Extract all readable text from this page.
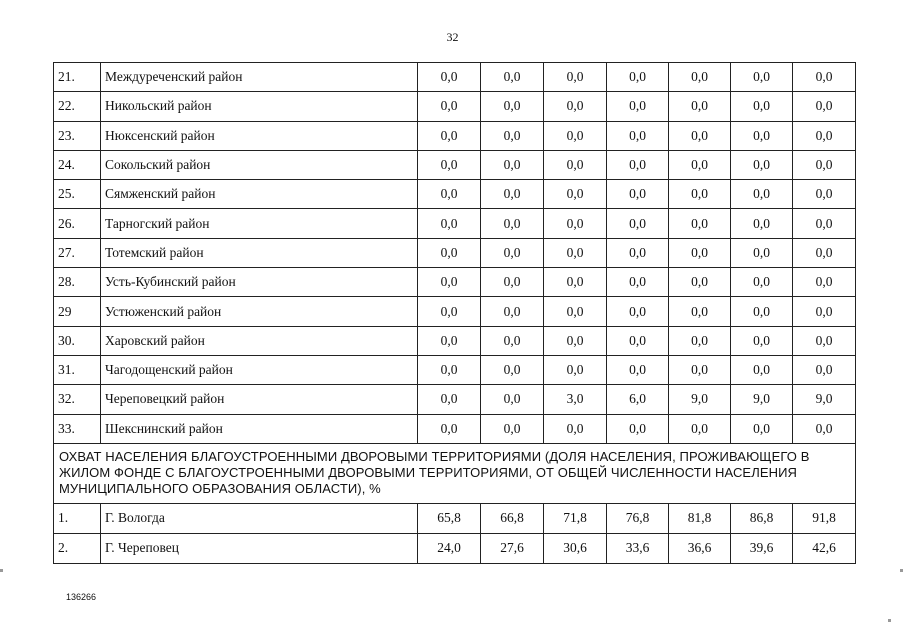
32
21.	Междуреченский район	0,0	0,0	0,0	0,0	0,0	0,0	0,0
22.	Никольский район	0,0	0,0	0,0	0,0	0,0	0,0	0,0
23.	Нюксенский район	0,0	0,0	0,0	0,0	0,0	0,0	0,0
24.	Сокольский район	0,0	0,0	0,0	0,0	0,0	0,0	0,0
25.	Сямженский район	0,0	0,0	0,0	0,0	0,0	0,0	0,0
26.	Тарногский район	0,0	0,0	0,0	0,0	0,0	0,0	0,0
27.	Тотемский район	0,0	0,0	0,0	0,0	0,0	0,0	0,0
28.	Усть-Кубинский район	0,0	0,0	0,0	0,0	0,0	0,0	0,0
29	Устюженский район	0,0	0,0	0,0	0,0	0,0	0,0	0,0
30.	Харовский район	0,0	0,0	0,0	0,0	0,0	0,0	0,0
31.	Чагодощенский район	0,0	0,0	0,0	0,0	0,0	0,0	0,0
32.	Череповецкий район	0,0	0,0	3,0	6,0	9,0	9,0	9,0
33.	Шекснинский район	0,0	0,0	0,0	0,0	0,0	0,0	0,0
ОХВАТ НАСЕЛЕНИЯ БЛАГОУСТРОЕННЫМИ ДВОРОВЫМИ ТЕРРИТОРИЯМИ (ДОЛЯ НАСЕЛЕНИЯ, ПРОЖИВАЮЩЕГО В ЖИЛОМ ФОНДЕ С БЛАГОУСТРОЕННЫМИ ДВОРОВЫМИ ТЕРРИТОРИЯМИ, ОТ ОБЩЕЙ ЧИСЛЕННОСТИ НАСЕЛЕНИЯ МУНИЦИПАЛЬНОГО ОБРАЗОВАНИЯ ОБЛАСТИ), %								
1.	Г. Вологда	65,8	66,8	71,8	76,8	81,8	86,8	91,8
2.	Г. Череповец	24,0	27,6	30,6	33,6	36,6	39,6	42,6
136266
